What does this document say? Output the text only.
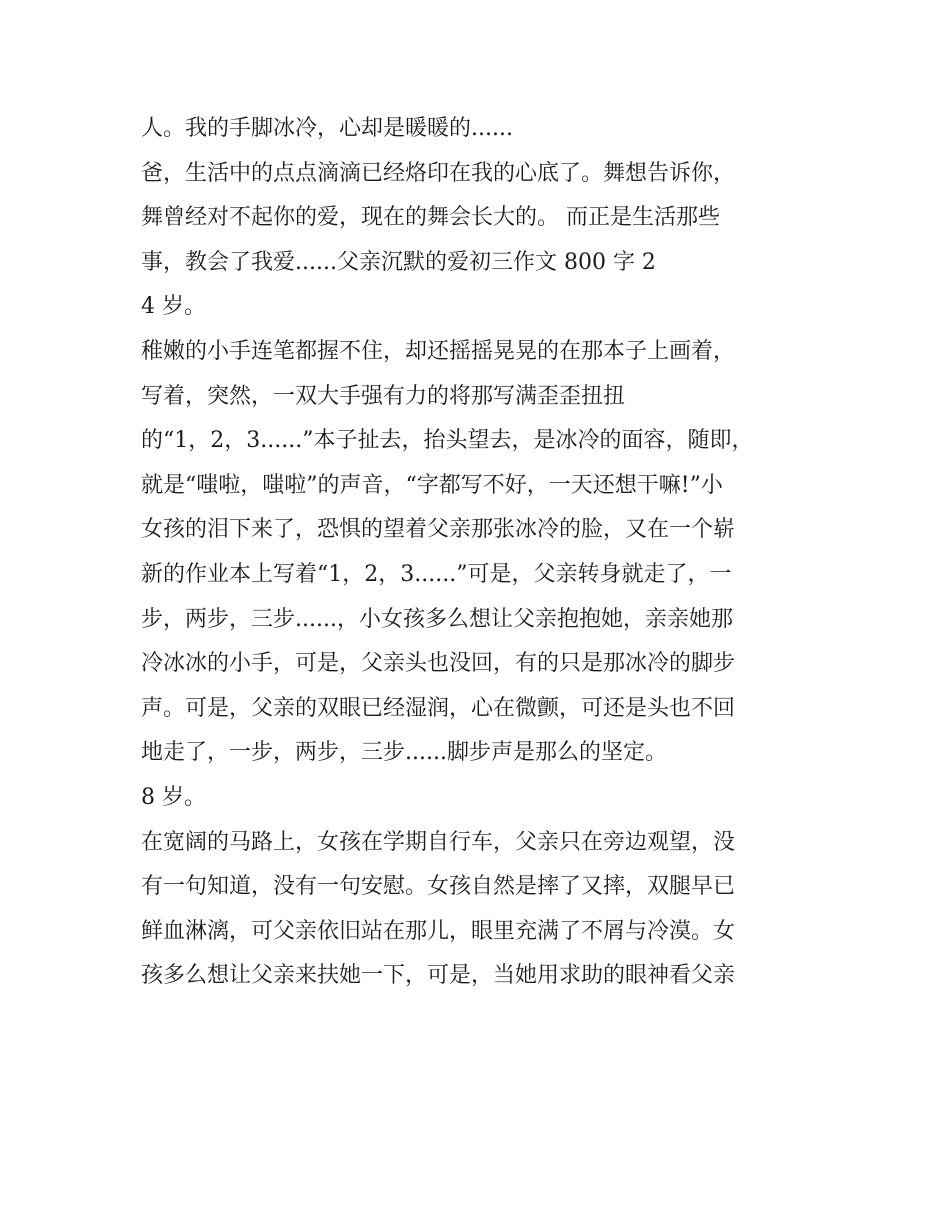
人。我的手脚冰冷，心却是暖暖的......
爸，生活中的点点滴滴已经烙印在我的心底了。舞想告诉你，
舞曾经对不起你的爱，现在的舞会长大的。 而正是生活那些
事，教会了我爱......父亲沉默的爱初三作文 800 字 2
4 岁。
稚嫩的小手连笔都握不住，却还摇摇晃晃的在那本子上画着，
写着，突然，一双大手强有力的将那写满歪歪扭扭
的“1，2，3......”本子扯去，抬头望去，是冰冷的面容，随即，
就是“嗤啦，嗤啦”的声音，“字都写不好，一天还想干嘛!”小
女孩的泪下来了，恐惧的望着父亲那张冰冷的脸，又在一个崭
新的作业本上写着“1，2，3......”可是，父亲转身就走了，一
步，两步，三步......，小女孩多么想让父亲抱抱她，亲亲她那
冷冰冰的小手，可是，父亲头也没回，有的只是那冰冷的脚步
声。可是，父亲的双眼已经湿润，心在微颤，可还是头也不回
地走了，一步，两步，三步......脚步声是那么的坚定。
8 岁。
在宽阔的马路上，女孩在学期自行车，父亲只在旁边观望，没
有一句知道，没有一句安慰。女孩自然是摔了又摔，双腿早已
鲜血淋漓，可父亲依旧站在那儿，眼里充满了不屑与冷漠。女
孩多么想让父亲来扶她一下，可是，当她用求助的眼神看父亲
